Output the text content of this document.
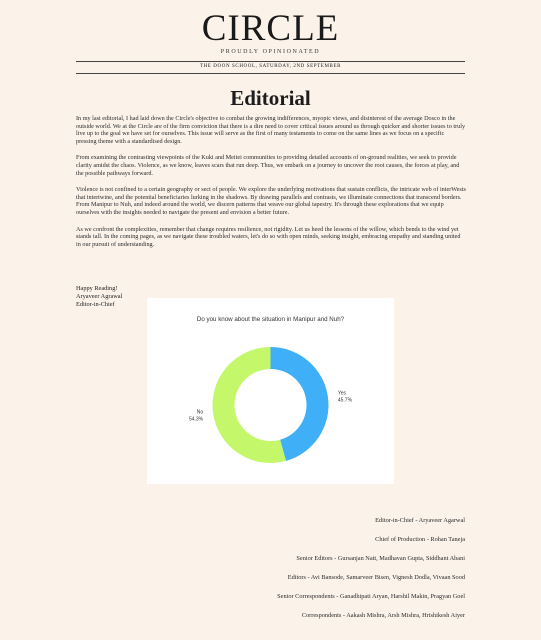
CIRCLE
PROUDLY OPINIONATED
THE DOON SCHOOL, SATURDAY, 2ND SEPTEMBER
Editorial

In my last editorial, I had laid down the Circle's objective to combat the growing indifferences, myopic views, and disinterest of the average Dosco in the outside world. We at the Circle are of the firm conviction that there is a dire need to cover critical issues around us through quicker and shorter issues to truly live up to the goal we have set for ourselves. This issue will serve as the first of many testaments to come on the same lines as we focus on a specific pressing theme with a standardised design.

From examining the contrasting viewpoints of the Kuki and Meitei communities to providing detailed accounts of on-ground realities, we seek to provide clarity amidst the chaos. Violence, as we know, leaves scars that run deep. Thus, we embark on a journey to uncover the root causes, the forces at play, and the possible pathways forward.

Violence is not confined to a certain geography or sect of people. We explore the underlying motivations that sustain conflicts, the intricate web of interWests that intertwine, and the potential beneficiaries lurking in the shadows. By drawing parallels and contrasts, we illuminate connections that transcend borders. From Manipur to Nuh, and indeed around the world, we discern patterns that weave our global tapestry. It's through these explorations that we equip ourselves with the insights needed to navigate the present and envision a better future.

As we confront the complexities, remember that change requires resilience, not rigidity. Let us heed the lessons of the willow, which bends to the wind yet stands tall. In the coming pages, as we navigate these troubled waters, let's do so with open minds, seeking insight, embracing empathy and standing united in our pursuit of understanding.

Happy Reading!
Aryaveer Agrawal
Editor-in-Chief
Do you know about the situation in Manipur and Nuh?
Yes
45.7%
No
54.3%
Editor-in-Chief - Aryaveer Agarwal
Chief of Production - Rohan Taneja
Senior Editors - Gursanjan Natt, Madhavan Gupta, Siddhant Abani
Editors - Avi Bansode, Samarveer Bisen, Vignesh Dodla, Vivaan Sood
Senior Correspondents - Ganadhipati Aryan, Harshil Makin, Pragyan Goel
Correspondents - Aakash Mishra, Arsh Mishra, Hrishikesh Aiyer
